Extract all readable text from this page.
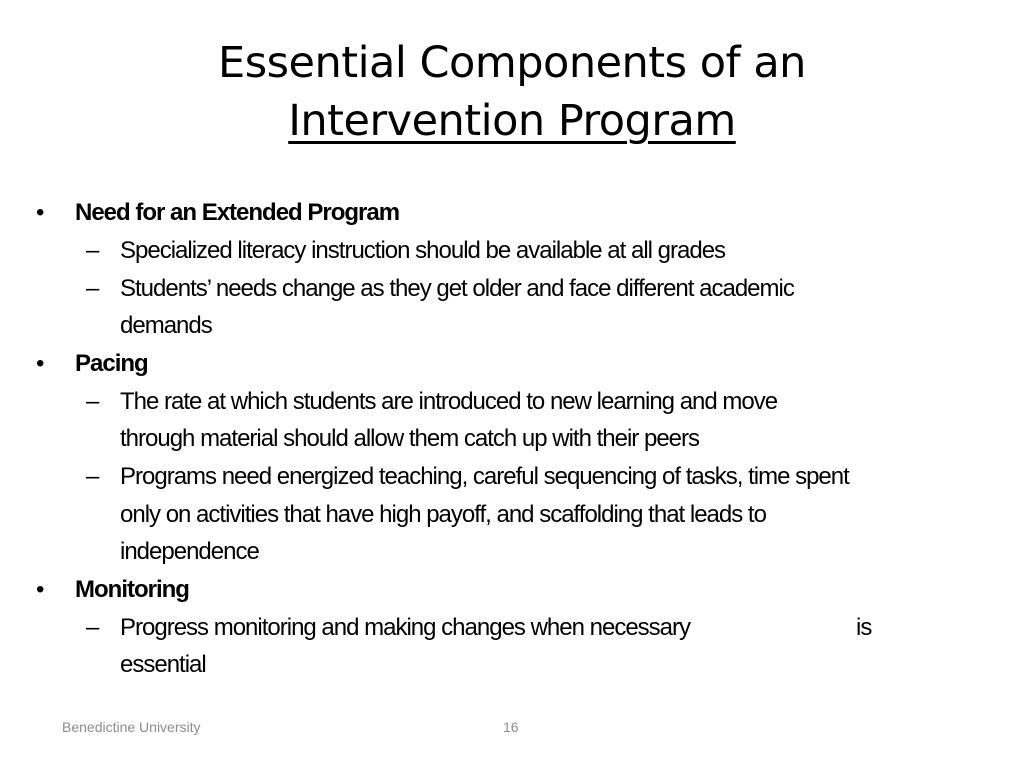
Essential Components of an
Intervention Program
• Need for an Extended Program
– Specialized literacy instruction should be available at all grades
– Students’ needs change as they get older and face different academic
demands
• Pacing
– The rate at which students are introduced to new learning and move
through material should allow them catch up with their peers
– Programs need energized teaching, careful sequencing of tasks, time spent
only on activities that have high payoff, and scaffolding that leads to
independence
• Monitoring
– Progress monitoring and making changes when necessary	is
essential
Benedictine University	16
